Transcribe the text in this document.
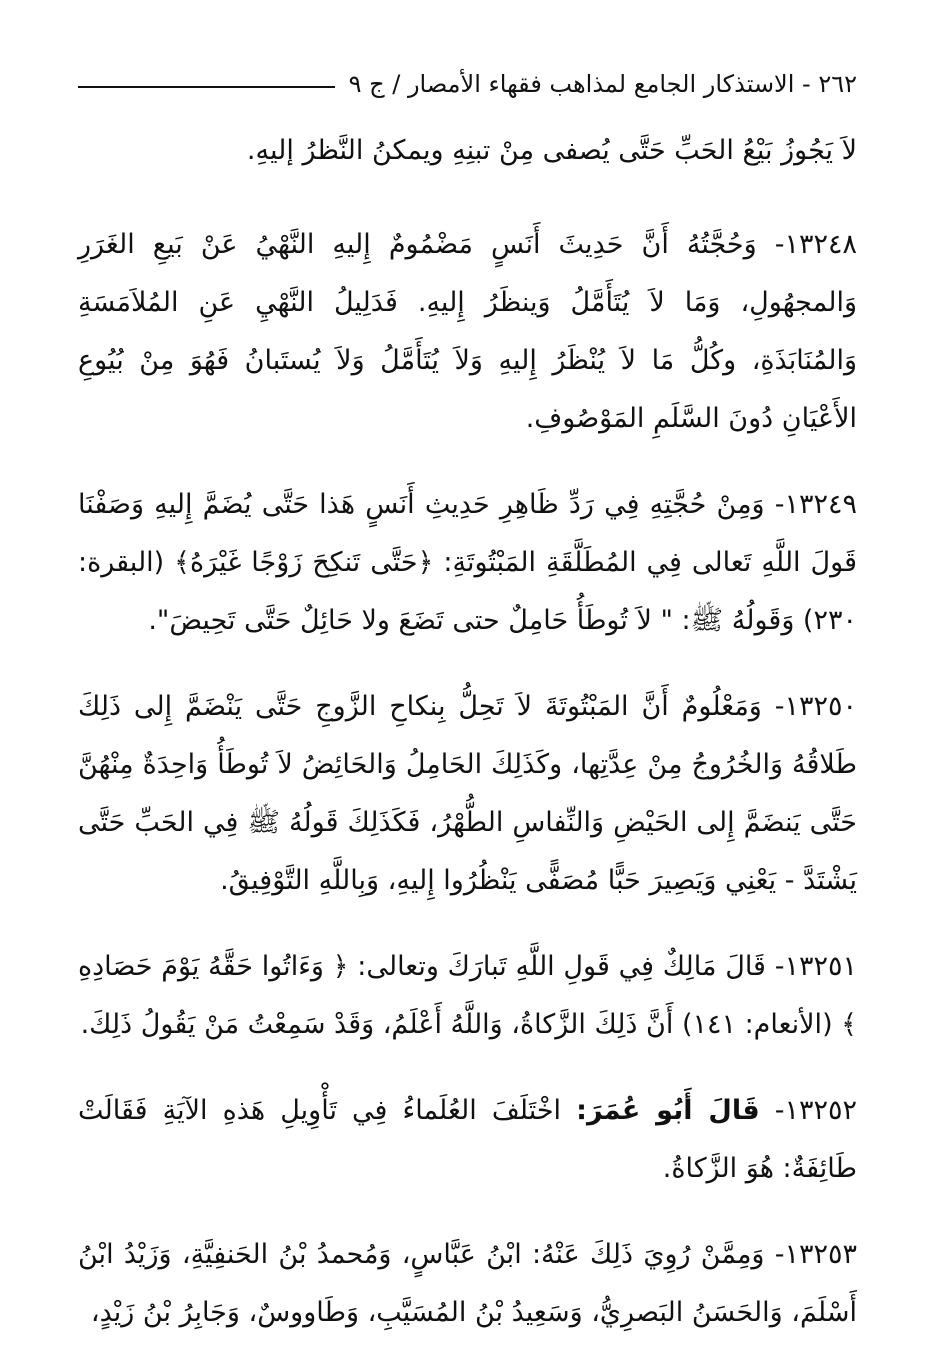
٢٦٢ - الاستذكار الجامع لمذاهب فقهاء الأمصار / ج ٩

لاَ يَجُوزُ بَيْعُ الحَبِّ حَتَّى يُصفى مِنْ تبنِهِ ويمكنُ النَّظرُ إليهِ.

١٣٢٤٨- وَحُجَّتُهُ أَنَّ حَدِيثَ أَنَسٍ مَضْمُومٌ إِليهِ النَّهْيُ عَنْ بَيعِ الغَرَرِ وَالمجهُولِ، وَمَا لاَ يُتَأَمَّلُ وَينظَرُ إِليهِ. فَدَلِيلُ النَّهْيِ عَنِ المُلاَمَسَةِ وَالمُنَابَذَةِ، وكُلُّ مَا لاَ يُنْظَرُ إِليهِ وَلاَ يُتَأَمَّلُ وَلاَ يُستَبانُ فَهُوَ مِنْ بُيُوعِ الأَعْيَانِ دُونَ السَّلَمِ المَوْصُوفِ.

١٣٢٤٩- وَمِنْ حُجَّتِهِ فِي رَدِّ ظَاهِرِ حَدِيثِ أَنَسٍ هَذا حَتَّى يُضَمَّ إِليهِ وَصَفْنَا قَولَ اللَّهِ تَعالى فِي المُطَلَّقَةِ المَبْتُوتَةِ: ﴿حَتَّى تَنكِحَ زَوْجًا غَيْرَهُ﴾ (البقرة: ٢٣٠) وَقَولُهُ ﷺ: " لاَ تُوطَأُ حَامِلٌ حتى تَضَعَ ولا حَائِلٌ حَتَّى تَحِيضَ".

١٣٢٥٠- وَمَعْلُومٌ أَنَّ المَبْتُوتَةَ لاَ تَحِلُّ بِنكاحِ الزَّوجِ حَتَّى يَنْضَمَّ إِلى ذَلِكَ طَلاقُهُ وَالخُرُوجُ مِنْ عِدَّتِها، وكَذَلِكَ الحَامِلُ وَالحَائِضُ لاَ تُوطَأُ وَاحِدَةٌ مِنْهُنَّ حَتَّى يَنضَمَّ إِلى الحَيْضِ وَالنِّفاسِ الطُّهْرُ، فَكَذَلِكَ قَولُهُ ﷺ فِي الحَبِّ حَتَّى يَشْتَدَّ - يَعْنِي وَيَصِيرَ حَبًّا مُصَفًّى يَنْظُرُوا إِليهِ، وَبِاللَّهِ التَّوْفِيقُ.

١٣٢٥١- قَالَ مَالِكٌ فِي قَولِ اللَّهِ تَبارَكَ وتعالى: ﴿ وَءَاتُوا حَقَّهُ يَوْمَ حَصَادِهِ ﴾ (الأنعام: ١٤١) أَنَّ ذَلِكَ الزَّكاةُ، وَاللَّهُ أَعْلَمُ، وَقَدْ سَمِعْتُ مَنْ يَقُولُ ذَلِكَ.

١٣٢٥٢- قَالَ أَبُو عُمَرَ: اخْتَلَفَ العُلَماءُ فِي تَأْوِيلِ هَذهِ الآيَةِ فَقَالَتْ طَائِفَةٌ: هُوَ الزَّكاةُ.

١٣٢٥٣- وَمِمَّنْ رُوِيَ ذَلِكَ عَنْهُ: ابْنُ عَبَّاسٍ، وَمُحمدُ بْنُ الحَنفِيَّةِ، وَزَيْدُ ابْنُ أَسْلَمَ، وَالحَسَنُ البَصرِيُّ، وَسَعِيدُ بْنُ المُسَيَّبِ، وَطَاووسٌ، وَجَابِرُ بْنُ زَيْدٍ،
